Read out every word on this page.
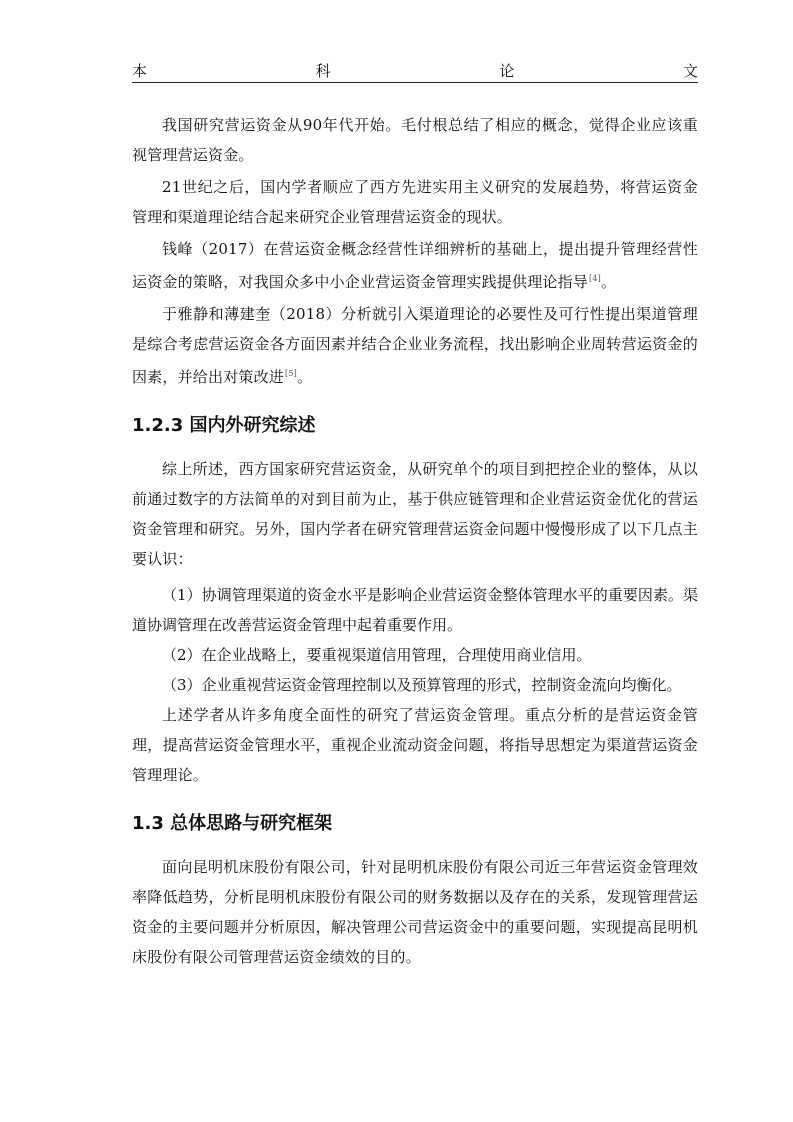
本	科	论	文

我国研究营运资金从90年代开始。毛付根总结了相应的概念，觉得企业应该重视管理营运资金。

21世纪之后，国内学者顺应了西方先进实用主义研究的发展趋势，将营运资金管理和渠道理论结合起来研究企业管理营运资金的现状。

钱峰（2017）在营运资金概念经营性详细辨析的基础上，提出提升管理经营性运资金的策略，对我国众多中小企业营运资金管理实践提供理论指导[4]。

于雅静和薄建奎（2018）分析就引入渠道理论的必要性及可行性提出渠道管理是综合考虑营运资金各方面因素并结合企业业务流程，找出影响企业周转营运资金的因素，并给出对策改进[5]。

1.2.3 国内外研究综述

综上所述，西方国家研究营运资金，从研究单个的项目到把控企业的整体，从以前通过数字的方法简单的对到目前为止，基于供应链管理和企业营运资金优化的营运资金管理和研究。另外，国内学者在研究管理营运资金问题中慢慢形成了以下几点主要认识：

（1）协调管理渠道的资金水平是影响企业营运资金整体管理水平的重要因素。渠道协调管理在改善营运资金管理中起着重要作用。

（2）在企业战略上，要重视渠道信用管理，合理使用商业信用。

（3）企业重视营运资金管理控制以及预算管理的形式，控制资金流向均衡化。

上述学者从许多角度全面性的研究了营运资金管理。重点分析的是营运资金管理，提高营运资金管理水平，重视企业流动资金问题，将指导思想定为渠道营运资金管理理论。

1.3 总体思路与研究框架

面向昆明机床股份有限公司，针对昆明机床股份有限公司近三年营运资金管理效率降低趋势，分析昆明机床股份有限公司的财务数据以及存在的关系，发现管理营运资金的主要问题并分析原因，解决管理公司营运资金中的重要问题，实现提高昆明机床股份有限公司管理营运资金绩效的目的。
